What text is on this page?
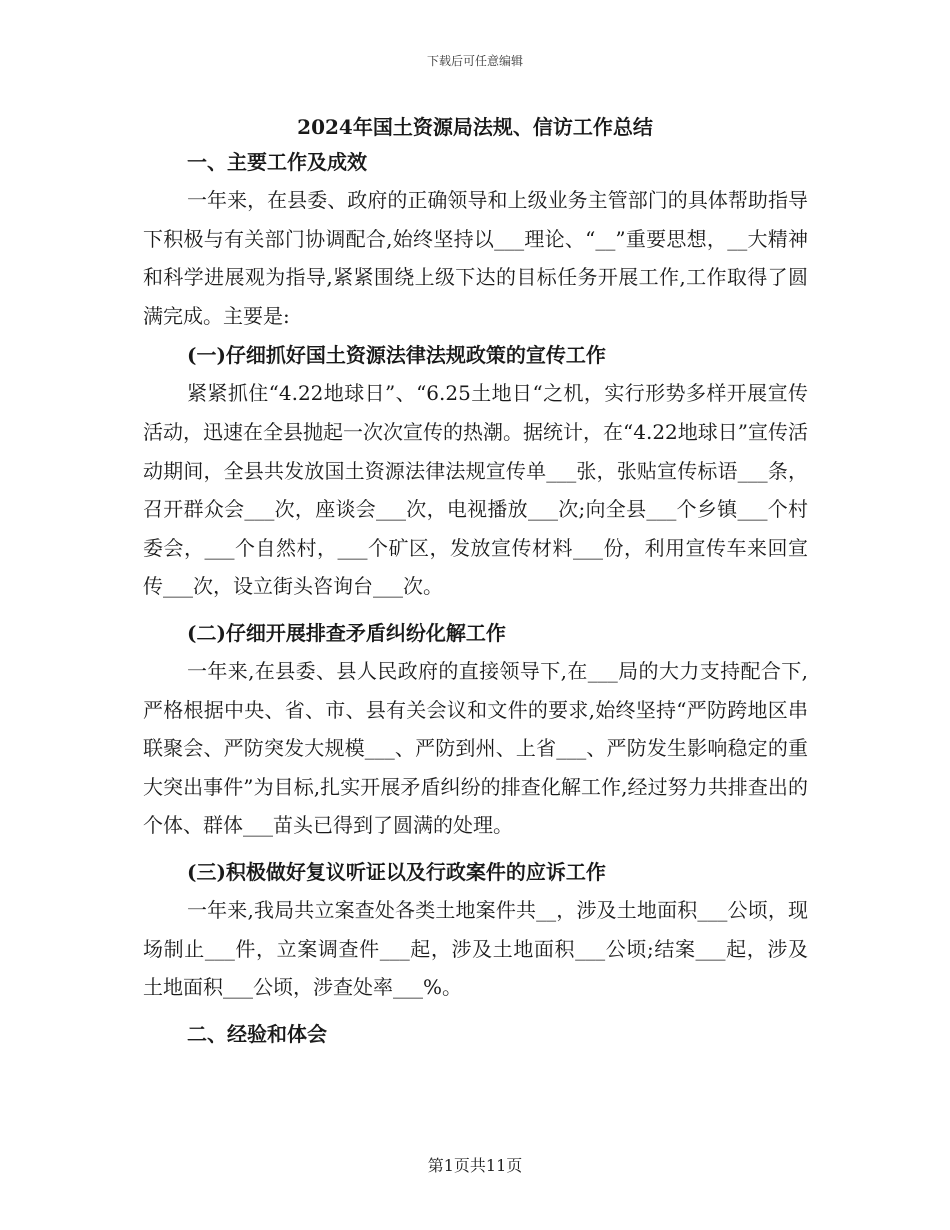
下载后可任意编辑
2024年国土资源局法规、信访工作总结

一、主要工作及成效

一年来，在县委、政府的正确领导和上级业务主管部门的具体帮助指导下积极与有关部门协调配合,始终坚持以___理论、“__”重要思想，__大精神和科学进展观为指导,紧紧围绕上级下达的目标任务开展工作,工作取得了圆满完成。主要是:

(一)仔细抓好国土资源法律法规政策的宣传工作

紧紧抓住“4.22地球日”、“6.25土地日“之机，实行形势多样开展宣传活动，迅速在全县抛起一次次宣传的热潮。据统计，在“4.22地球日”宣传活动期间，全县共发放国土资源法律法规宣传单___张，张贴宣传标语___条，召开群众会___次，座谈会___次，电视播放___次;向全县___个乡镇___个村委会，___个自然村，___个矿区，发放宣传材料___份，利用宣传车来回宣传___次，设立街头咨询台___次。

(二)仔细开展排查矛盾纠纷化解工作

一年来,在县委、县人民政府的直接领导下,在___局的大力支持配合下,严格根据中央、省、市、县有关会议和文件的要求,始终坚持“严防跨地区串联聚会、严防突发大规模___、严防到州、上省___、严防发生影响稳定的重大突出事件”为目标,扎实开展矛盾纠纷的排查化解工作,经过努力共排查出的个体、群体___苗头已得到了圆满的处理。

(三)积极做好复议听证以及行政案件的应诉工作

一年来,我局共立案查处各类土地案件共__，涉及土地面积___公顷，现场制止___件，立案调查件___起，涉及土地面积___公顷;结案___起，涉及土地面积___公顷，涉查处率___%。

二、经验和体会

第1页共11页
